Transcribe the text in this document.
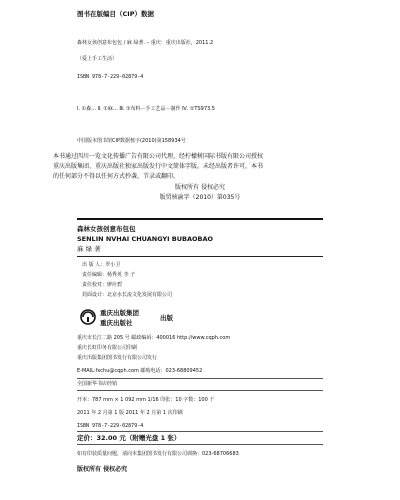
图书在版编目（CIP）数据
森林女孩创意布包包 / 麻 绿著. – 重庆：重庆出版社，2011.2
（爱上手工生活）
ISBN 978-7-229-02879-4
Ⅰ. ①森… Ⅱ. ①麻… Ⅲ. ①布料－手工艺品－制作 Ⅳ. ①TS973.5
中国版本图书馆CIP数据核字(2010)第158934号
本书通过四川一览文化传播广告有限公司代理，经柠檬树国际书版有限公司授权
重庆出版集团、重庆出版社独家出版发行中文简体字版。未经出版者许可，本书
的任何部分不得以任何方式抄袭、节录或翻印。
版权所有 侵权必究
版贸核渝字（2010）第035号
森林女孩创意布包包
SENLIN NVHAI CHUANGYI BUBAOBAO
麻 绿 著
出 版 人：罗小卫
责任编辑：杨秀英 李 子
责任校对：廖应碧
封面设计：北京水长流文化发展有限公司
重庆出版集团
重庆出版社
出版
重庆市长江二路 205 号 邮政编码：400016 http://www.cqph.com
重庆长虹印务有限公司印刷
重庆出版集团图书发行有限公司发行
E-MAIL:fxchu@cqph.com 邮购电话：023-68809452
全国新华书店经销
开本：787 mm × 1 092 mm 1/16 印张：10 字数：100 千
2011 年 2 月第 1 版 2011 年 2 月第 1 次印刷
ISBN 978-7-229-02879-4
定价：32.00 元（附赠光盘 1 张）
如有印装质量问题，请向本集团图书发行有限公司调换：023-68706683
版权所有 侵权必究
